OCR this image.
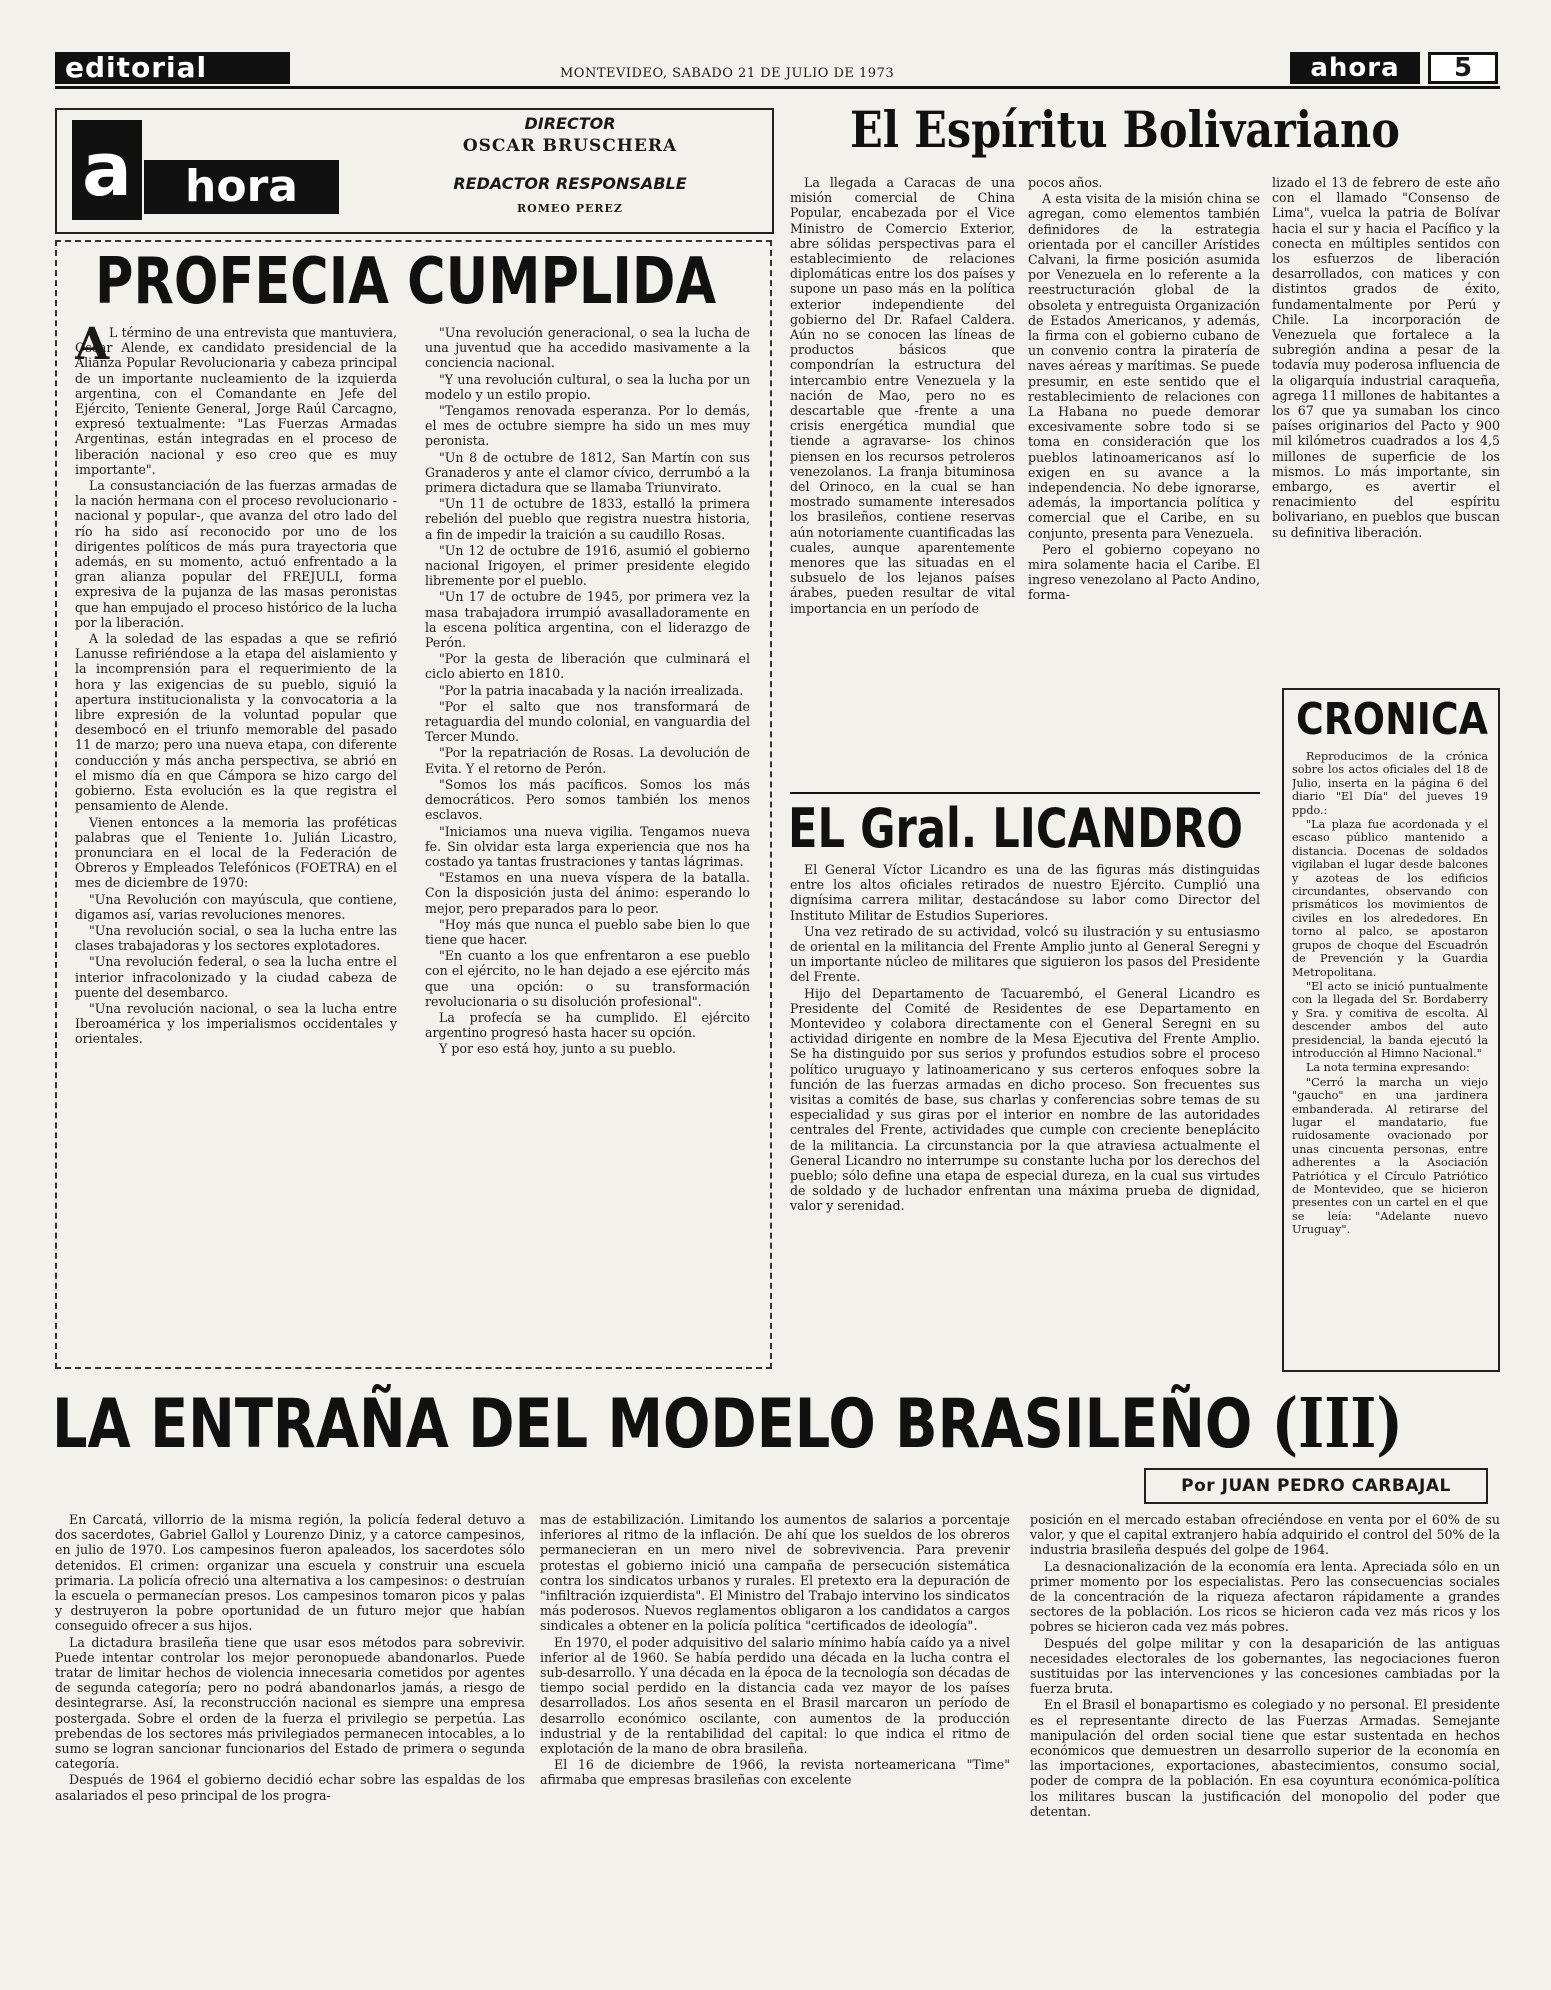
editorial	MONTEVIDEO, SABADO 21 DE JULIO DE 1973	ahora	5
a	hora
DIRECTOR
OSCAR BRUSCHERA
REDACTOR RESPONSABLE
ROMEO PEREZ
PROFECIA CUMPLIDA
A L término de una entrevista que mantuviera, Oscar Alende, ex candidato presidencial de la Alianza Popular Revolucionaria y cabeza principal de un importante nucleamiento de la izquierda argentina, con el Comandante en Jefe del Ejército, Teniente General, Jorge Raúl Carcagno, expresó textualmente: "Las Fuerzas Armadas Argentinas, están integradas en el proceso de liberación nacional y eso creo que es muy importante".

La consustanciación de las fuerzas armadas de la nación hermana con el proceso revolucionario -nacional y popular-, que avanza del otro lado del río ha sido así reconocido por uno de los dirigentes políticos de más pura trayectoria que además, en su momento, actuó enfrentado a la gran alianza popular del FREJULI, forma expresiva de la pujanza de las masas peronistas que han empujado el proceso histórico de la lucha por la liberación.

A la soledad de las espadas a que se refirió Lanusse refiriéndose a la etapa del aislamiento y la incomprensión para el requerimiento de la hora y las exigencias de su pueblo, siguió la apertura institucionalista y la convocatoria a la libre expresión de la voluntad popular que desembocó en el triunfo memorable del pasado 11 de marzo; pero una nueva etapa, con diferente conducción y más ancha perspectiva, se abrió en el mismo día en que Cámpora se hizo cargo del gobierno. Esta evolución es la que registra el pensamiento de Alende.

Vienen entonces a la memoria las proféticas palabras que el Teniente 1o. Julián Licastro, pronunciara en el local de la Federación de Obreros y Empleados Telefónicos (FOETRA) en el mes de diciembre de 1970:

"Una Revolución con mayúscula, que contiene, digamos así, varias revoluciones menores.

"Una revolución social, o sea la lucha entre las clases trabajadoras y los sectores explotadores.

"Una revolución federal, o sea la lucha entre el interior infracolonizado y la ciudad cabeza de puente del desembarco.

"Una revolución nacional, o sea la lucha entre Iberoamérica y los imperialismos occidentales y orientales.

"Una revolución generacional, o sea la lucha de una juventud que ha accedido masivamente a la conciencia nacional.

"Y una revolución cultural, o sea la lucha por un modelo y un estilo propio.

"Tengamos renovada esperanza. Por lo demás, el mes de octubre siempre ha sido un mes muy peronista.

"Un 8 de octubre de 1812, San Martín con sus Granaderos y ante el clamor cívico, derrumbó a la primera dictadura que se llamaba Triunvirato.

"Un 11 de octubre de 1833, estalló la primera rebelión del pueblo que registra nuestra historia, a fin de impedir la traición a su caudillo Rosas.

"Un 12 de octubre de 1916, asumió el gobierno nacional Irigoyen, el primer presidente elegido libremente por el pueblo.

"Un 17 de octubre de 1945, por primera vez la masa trabajadora irrumpió avasalladoramente en la escena política argentina, con el liderazgo de Perón.

"Por la gesta de liberación que culminará el ciclo abierto en 1810.

"Por la patria inacabada y la nación irrealizada.

"Por el salto que nos transformará de retaguardia del mundo colonial, en vanguardia del Tercer Mundo.

"Por la repatriación de Rosas. La devolución de Evita. Y el retorno de Perón.

"Somos los más pacíficos. Somos los más democráticos. Pero somos también los menos esclavos.

"Iniciamos una nueva vigilia. Tengamos nueva fe. Sin olvidar esta larga experiencia que nos ha costado ya tantas frustraciones y tantas lágrimas.

"Estamos en una nueva víspera de la batalla. Con la disposición justa del ánimo: esperando lo mejor, pero preparados para lo peor.

"Hoy más que nunca el pueblo sabe bien lo que tiene que hacer.

"En cuanto a los que enfrentaron a ese pueblo con el ejército, no le han dejado a ese ejército más que una opción: o su transformación revolucionaria o su disolución profesional".

La profecía se ha cumplido. El ejército argentino progresó hasta hacer su opción.

Y por eso está hoy, junto a su pueblo.

El Espíritu Bolivariano

La llegada a Caracas de una misión comercial de China Popular, encabezada por el Vice Ministro de Comercio Exterior, abre sólidas perspectivas para el establecimiento de relaciones diplomáticas entre los dos países y supone un paso más en la política exterior independiente del gobierno del Dr. Rafael Caldera. Aún no se conocen las líneas de productos básicos que compondrían la estructura del intercambio entre Venezuela y la nación de Mao, pero no es descartable que -frente a una crisis energética mundial que tiende a agravarse- los chinos piensen en los recursos petroleros venezolanos. La franja bituminosa del Orinoco, en la cual se han mostrado sumamente interesados los brasileños, contiene reservas aún notoriamente cuantificadas las cuales, aunque aparentemente menores que las situadas en el subsuelo de los lejanos países árabes, pueden resultar de vital importancia en un período de

pocos años.

A esta visita de la misión china se agregan, como elementos también definidores de la estrategia orientada por el canciller Arístides Calvani, la firme posición asumida por Venezuela en lo referente a la reestructuración global de la obsoleta y entreguista Organización de Estados Americanos, y además, la firma con el gobierno cubano de un convenio contra la piratería de naves aéreas y marítimas. Se puede presumir, en este sentido que el restablecimiento de relaciones con La Habana no puede demorar excesivamente sobre todo si se toma en consideración que los pueblos latinoamericanos así lo exigen en su avance a la independencia. No debe ignorarse, además, la importancia política y comercial que el Caribe, en su conjunto, presenta para Venezuela.

Pero el gobierno copeyano no mira solamente hacia el Caribe. El ingreso venezolano al Pacto Andino, forma-

lizado el 13 de febrero de este año con el llamado "Consenso de Lima", vuelca la patria de Bolívar hacia el sur y hacia el Pacífico y la conecta en múltiples sentidos con los esfuerzos de liberación desarrollados, con matices y con distintos grados de éxito, fundamentalmente por Perú y Chile. La incorporación de Venezuela que fortalece a la subregión andina a pesar de la todavía muy poderosa influencia de la oligarquía industrial caraqueña, agrega 11 millones de habitantes a los 67 que ya sumaban los cinco países originarios del Pacto y 900 mil kilómetros cuadrados a los 4,5 millones de superficie de los mismos. Lo más importante, sin embargo, es avertir el renacimiento del espíritu bolivariano, en pueblos que buscan su definitiva liberación.

EL Gral. LICANDRO

El General Víctor Licandro es una de las figuras más distinguidas entre los altos oficiales retirados de nuestro Ejército. Cumplió una dignísima carrera militar, destacándose su labor como Director del Instituto Militar de Estudios Superiores.

Una vez retirado de su actividad, volcó su ilustración y su entusiasmo de oriental en la militancia del Frente Amplio junto al General Seregni y un importante núcleo de militares que siguieron los pasos del Presidente del Frente.

Hijo del Departamento de Tacuarembó, el General Licandro es Presidente del Comité de Residentes de ese Departamento en Montevideo y colabora directamente con el General Seregni en su actividad dirigente en nombre de la Mesa Ejecutiva del Frente Amplio. Se ha distinguido por sus serios y profundos estudios sobre el proceso político uruguayo y latinoamericano y sus certeros enfoques sobre la función de las fuerzas armadas en dicho proceso. Son frecuentes sus visitas a comités de base, sus charlas y conferencias sobre temas de su especialidad y sus giras por el interior en nombre de las autoridades centrales del Frente, actividades que cumple con creciente beneplácito de la militancia. La circunstancia por la que atraviesa actualmente el General Licandro no interrumpe su constante lucha por los derechos del pueblo; sólo define una etapa de especial dureza, en la cual sus virtudes de soldado y de luchador enfrentan una máxima prueba de dignidad, valor y serenidad.

CRONICA

Reproducimos de la crónica sobre los actos oficiales del 18 de Julio, inserta en la página 6 del diario "El Día" del jueves 19 ppdo.:

"La plaza fue acordonada y el escaso público mantenido a distancia. Docenas de soldados vigilaban el lugar desde balcones y azoteas de los edificios circundantes, observando con prismáticos los movimientos de civiles en los alrededores. En torno al palco, se apostaron grupos de choque del Escuadrón de Prevención y la Guardia Metropolitana.

"El acto se inició puntualmente con la llegada del Sr. Bordaberry y Sra. y comitiva de escolta. Al descender ambos del auto presidencial, la banda ejecutó la introducción al Himno Nacional."

La nota termina expresando:

"Cerró la marcha un viejo "gaucho" en una jardinera embanderada. Al retirarse del lugar el mandatario, fue ruidosamente ovacionado por unas cincuenta personas, entre adherentes a la Asociación Patriótica y el Círculo Patriótico de Montevideo, que se hicieron presentes con un cartel en el que se leía: "Adelante nuevo Uruguay".

LA ENTRAÑA DEL MODELO BRASILEÑO (III)
Por JUAN PEDRO CARBAJAL

En Carcatá, villorrio de la misma región, la policía federal detuvo a dos sacerdotes, Gabriel Gallol y Lourenzo Diniz, y a catorce campesinos, en julio de 1970. Los campesinos fueron apaleados, los sacerdotes sólo detenidos. El crimen: organizar una escuela y construir una escuela primaria. La policía ofreció una alternativa a los campesinos: o destruían la escuela o permanecían presos. Los campesinos tomaron picos y palas y destruyeron la pobre oportunidad de un futuro mejor que habían conseguido ofrecer a sus hijos.

La dictadura brasileña tiene que usar esos métodos para sobrevivir. Puede intentar controlar los mejor peronopuede abandonarlos. Puede tratar de limitar hechos de violencia innecesaria cometidos por agentes de segunda categoría; pero no podrá abandonarlos jamás, a riesgo de desintegrarse. Así, la reconstrucción nacional es siempre una empresa postergada. Sobre el orden de la fuerza el privilegio se perpetúa. Las prebendas de los sectores más privilegiados permanecen intocables, a lo sumo se logran sancionar funcionarios del Estado de primera o segunda categoría.

Después de 1964 el gobierno decidió echar sobre las espaldas de los asalariados el peso principal de los progra-

mas de estabilización. Limitando los aumentos de salarios a porcentaje inferiores al ritmo de la inflación. De ahí que los sueldos de los obreros permanecieran en un mero nivel de sobrevivencia. Para prevenir protestas el gobierno inició una campaña de persecución sistemática contra los sindicatos urbanos y rurales. El pretexto era la depuración de "infiltración izquierdista". El Ministro del Trabajo intervino los sindicatos más poderosos. Nuevos reglamentos obligaron a los candidatos a cargos sindicales a obtener en la policía política "certificados de ideología".

En 1970, el poder adquisitivo del salario mínimo había caído ya a nivel inferior al de 1960. Se había perdido una década en la lucha contra el sub-desarrollo. Y una década en la época de la tecnología son décadas de tiempo social perdido en la distancia cada vez mayor de los países desarrollados. Los años sesenta en el Brasil marcaron un período de desarrollo económico oscilante, con aumentos de la producción industrial y de la rentabilidad del capital: lo que indica el ritmo de explotación de la mano de obra brasileña.

El 16 de diciembre de 1966, la revista norteamericana "Time" afirmaba que empresas brasileñas con excelente

posición en el mercado estaban ofreciéndose en venta por el 60% de su valor, y que el capital extranjero había adquirido el control del 50% de la industria brasileña después del golpe de 1964.

La desnacionalización de la economía era lenta. Apreciada sólo en un primer momento por los especialistas. Pero las consecuencias sociales de la concentración de la riqueza afectaron rápidamente a grandes sectores de la población. Los ricos se hicieron cada vez más ricos y los pobres se hicieron cada vez más pobres.

Después del golpe militar y con la desaparición de las antiguas necesidades electorales de los gobernantes, las negociaciones fueron sustituidas por las intervenciones y las concesiones cambiadas por la fuerza bruta.

En el Brasil el bonapartismo es colegiado y no personal. El presidente es el representante directo de las Fuerzas Armadas. Semejante manipulación del orden social tiene que estar sustentada en hechos económicos que demuestren un desarrollo superior de la economía en las importaciones, exportaciones, abastecimientos, consumo social, poder de compra de la población. En esa coyuntura económica-política los militares buscan la justificación del monopolio del poder que detentan.
